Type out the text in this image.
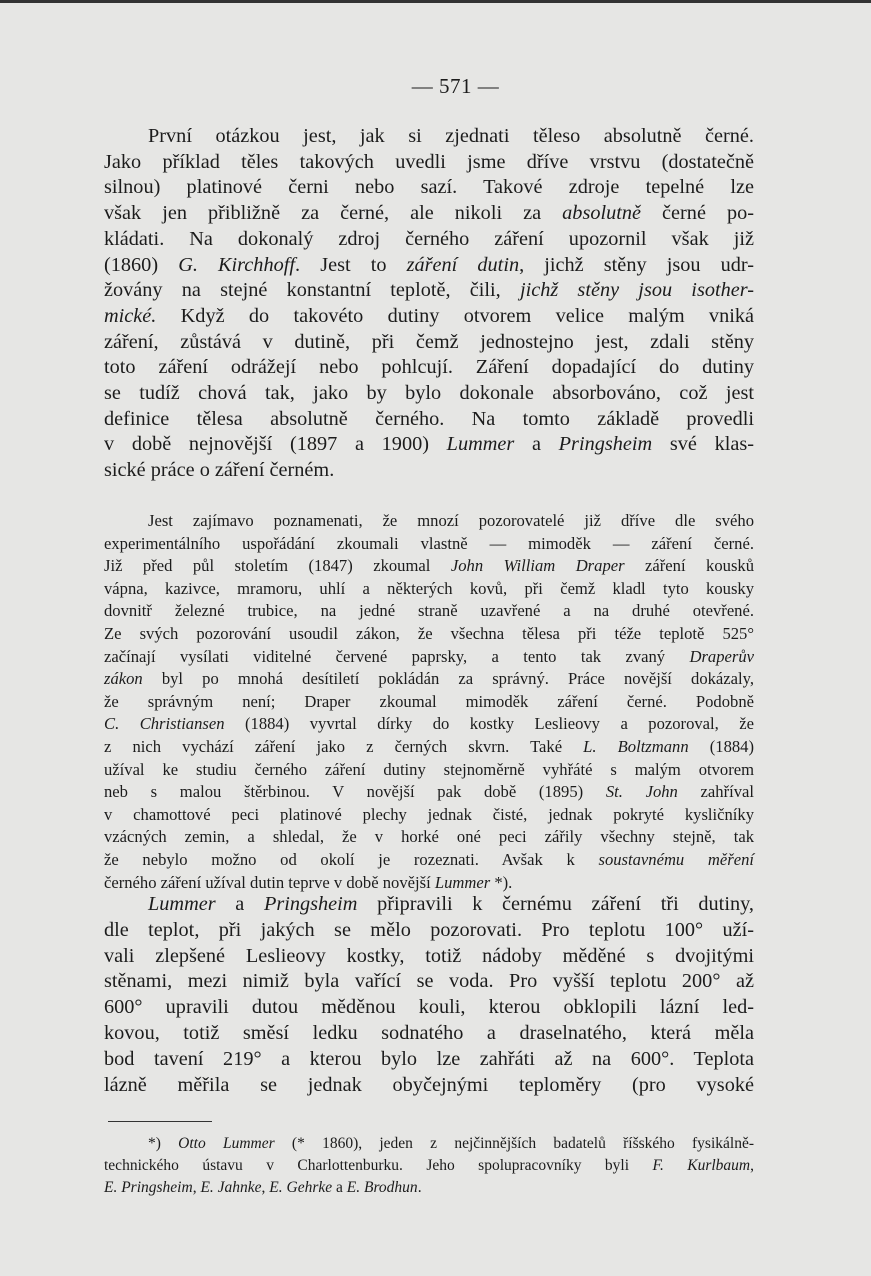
— 571 —
První otázkou jest, jak si zjednati těleso absolutně černé.
Jako příklad těles takových uvedli jsme dříve vrstvu (dostatečně
silnou) platinové černi nebo sazí. Takové zdroje tepelné lze
však jen přibližně za černé, ale nikoli za absolutně černé po-
kládati. Na dokonalý zdroj černého záření upozornil však již
(1860) G. Kirchhoff. Jest to záření dutin, jichž stěny jsou udr-
žovány na stejné konstantní teplotě, čili, jichž stěny jsou isother-
mické. Když do takovéto dutiny otvorem velice malým vniká
záření, zůstává v dutině, při čemž jednostejno jest, zdali stěny
toto záření odrážejí nebo pohlcují. Záření dopadající do dutiny
se tudíž chová tak, jako by bylo dokonale absorbováno, což jest
definice tělesa absolutně černého. Na tomto základě provedli
v době nejnovější (1897 a 1900) Lummer a Pringsheim své klas-
sické práce o záření černém.
Jest zajímavo poznamenati, že mnozí pozorovatelé již dříve dle svého
experimentálního uspořádání zkoumali vlastně — mimoděk — záření černé.
Již před půl stoletím (1847) zkoumal John William Draper záření kousků
vápna, kazivce, mramoru, uhlí a některých kovů, při čemž kladl tyto kousky
dovnitř železné trubice, na jedné straně uzavřené a na druhé otevřené.
Ze svých pozorování usoudil zákon, že všechna tělesa při téže teplotě 525°
začínají vysílati viditelné červené paprsky, a tento tak zvaný Draperův
zákon byl po mnohá desítiletí pokládán za správný. Práce novější dokázaly,
že správným není; Draper zkoumal mimoděk záření černé. Podobně
C. Christiansen (1884) vyvrtal dírky do kostky Leslieovy a pozoroval, že
z nich vychází záření jako z černých skvrn. Také L. Boltzmann (1884)
užíval ke studiu černého záření dutiny stejnoměrně vyhřáté s malým otvorem
neb s malou štěrbinou. V novější pak době (1895) St. John zahříval
v chamottové peci platinové plechy jednak čisté, jednak pokryté kysličníky
vzácných zemin, a shledal, že v horké oné peci zářily všechny stejně, tak
že nebylo možno od okolí je rozeznati. Avšak k soustavnému měření
černého záření užíval dutin teprve v době novější Lummer *).
Lummer a Pringsheim připravili k černému záření tři dutiny,
dle teplot, při jakých se mělo pozorovati. Pro teplotu 100° uží-
vali zlepšené Leslieovy kostky, totiž nádoby měděné s dvojitými
stěnami, mezi nimiž byla vařící se voda. Pro vyšší teplotu 200° až
600° upravili dutou měděnou kouli, kterou obklopili lázní led-
kovou, totiž směsí ledku sodnatého a draselnatého, která měla
bod tavení 219° a kterou bylo lze zahřáti až na 600°. Teplota
lázně měřila se jednak obyčejnými teploměry (pro vysoké
*) Otto Lummer (* 1860), jeden z nejčinnějších badatelů říšského fysikálně-
technického ústavu v Charlottenburku. Jeho spolupracovníky byli F. Kurlbaum,
E. Pringsheim, E. Jahnke, E. Gehrke a E. Brodhun.
